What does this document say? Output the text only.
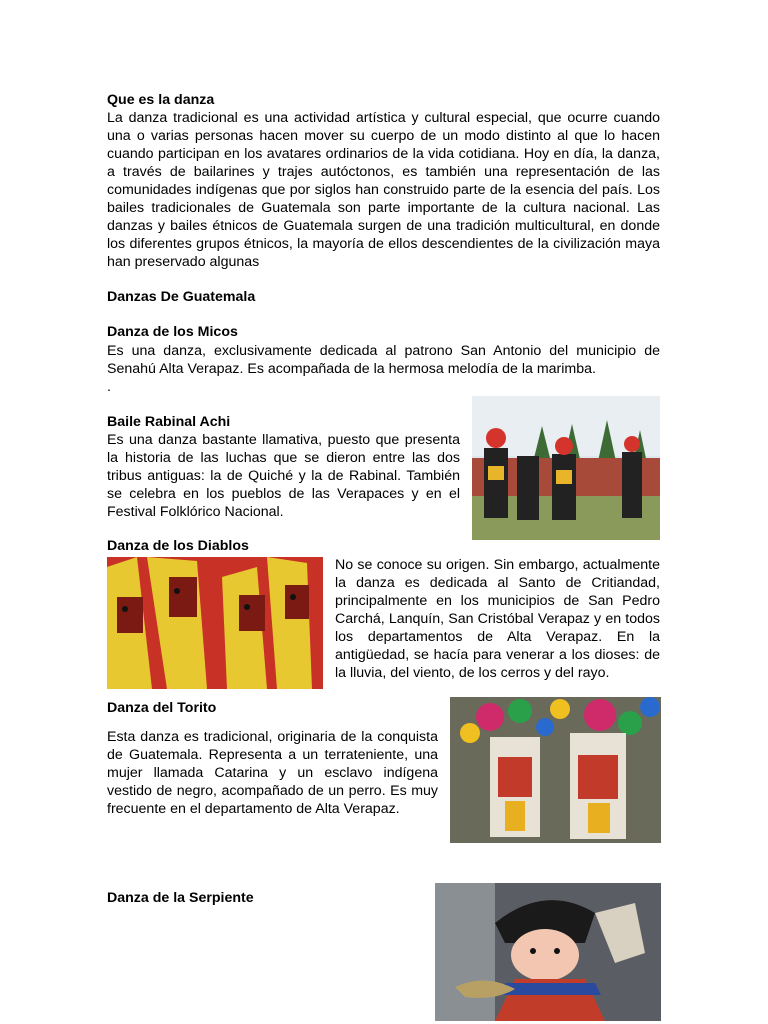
Que es la danza
La danza tradicional es una actividad artística y cultural especial, que ocurre cuando una o varias personas hacen mover su cuerpo de un modo distinto al que lo hacen cuando participan en los avatares ordinarios de la vida cotidiana. Hoy en día, la danza, a través de bailarines y trajes autóctonos, es también una representación de las comunidades indígenas que por siglos han construido parte de la esencia del país. Los bailes tradicionales de Guatemala son parte importante de la cultura nacional. Las danzas y bailes étnicos de Guatemala surgen de una tradición multicultural, en donde los diferentes grupos étnicos, la mayoría de ellos descendientes de la civilización maya han preservado algunas
Danzas De Guatemala
Danza de los Micos
Es una danza, exclusivamente dedicada al patrono San Antonio del municipio de Senahú Alta Verapaz. Es acompañada de la hermosa melodía de la marimba.
.
Baile Rabinal Achi
Es una danza bastante llamativa, puesto que presenta la historia de las luchas que se dieron entre las dos tribus antiguas: la de Quiché y la de Rabinal. También se celebra en los pueblos de las Verapaces y en el Festival Folklórico Nacional.
Danza de los Diablos
No se conoce su origen. Sin embargo, actualmente la danza es dedicada al Santo de Critiandad, principalmente en los municipios de San Pedro Carchá, Lanquín, San Cristóbal Verapaz y en todos los departamentos de Alta Verapaz. En la antigüedad, se hacía para venerar a los dioses: de la lluvia, del viento, de los cerros y del rayo.
Danza del Torito
Esta danza es tradicional, originaria de la conquista de Guatemala. Representa a un terrateniente, una mujer llamada Catarina y un esclavo indígena vestido de negro, acompañado de un perro. Es muy frecuente en el departamento de Alta Verapaz.
Danza de la Serpiente
